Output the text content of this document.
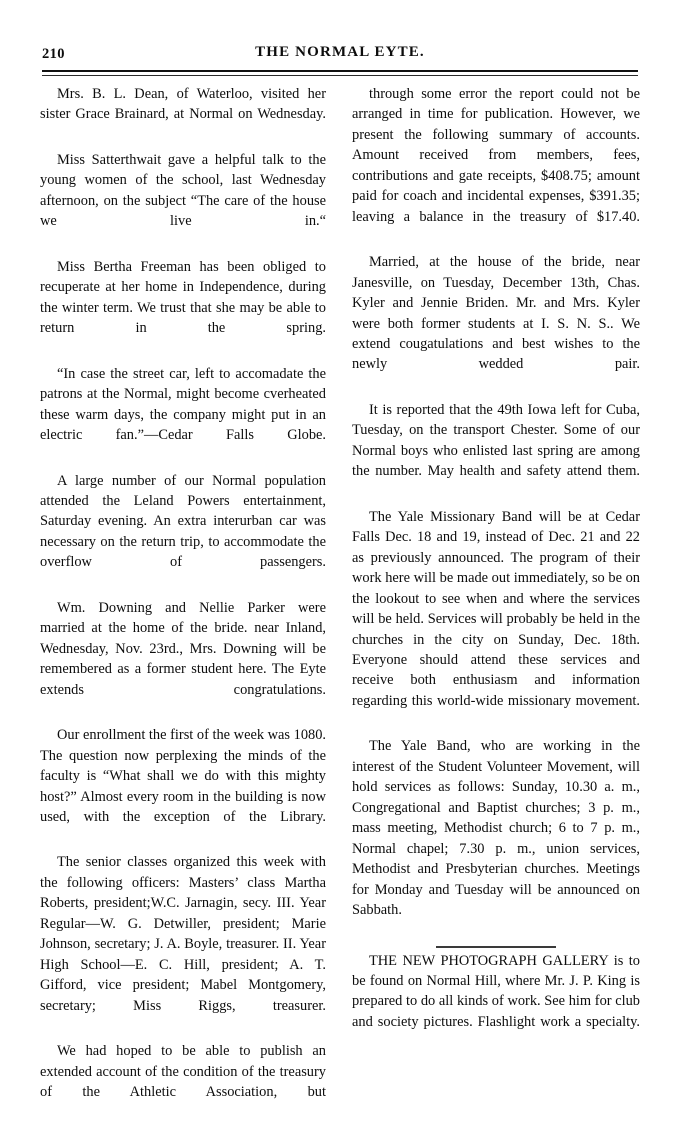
210	THE NORMAL EYTE.

Mrs. B. L. Dean, of Waterloo, visited her sister Grace Brainard, at Normal on Wednesday.

Miss Satterthwait gave a helpful talk to the young women of the school, last Wednesday afternoon, on the subject “The care of the house we live in.“

Miss Bertha Freeman has been obliged to recuperate at her home in Independence, during the winter term. We trust that she may be able to return in the spring.

“In case the street car, left to accomadate the patrons at the Normal, might become cverheated these warm days, the company might put in an electric fan.”—Cedar Falls Globe.

A large number of our Normal population attended the Leland Powers entertainment, Saturday evening. An extra interurban car was necessary on the return trip, to accommodate the overflow of passengers.

Wm. Downing and Nellie Parker were married at the home of the bride. near Inland, Wednesday, Nov. 23rd., Mrs. Downing will be remembered as a former student here. The Eyte extends congratulations.

Our enrollment the first of the week was 1080. The question now perplexing the minds of the faculty is “What shall we do with this mighty host?” Almost every room in the building is now used, with the exception of the Library.

The senior classes organized this week with the following officers: Masters’ class Martha Roberts, president;W.C. Jarnagin, secy. III. Year Regular—W. G. Detwiller, president; Marie Johnson, secretary; J. A. Boyle, treasurer. II. Year High School—E. C. Hill, president; A. T. Gifford, vice president; Mabel Montgomery, secretary; Miss Riggs, treasurer.

We had hoped to be able to publish an extended account of the condition of the treasury of the Athletic Association, but

through some error the report could not be arranged in time for publication. However, we present the following summary of accounts. Amount received from members, fees, contributions and gate receipts, $408.75; amount paid for coach and incidental expenses, $391.35; leaving a balance in the treasury of $17.40.

Married, at the house of the bride, near Janesville, on Tuesday, December 13th, Chas. Kyler and Jennie Briden. Mr. and Mrs. Kyler were both former students at I. S. N. S.. We extend cougatulations and best wishes to the newly wedded pair.

It is reported that the 49th Iowa left for Cuba, Tuesday, on the transport Chester. Some of our Normal boys who enlisted last spring are among the number. May health and safety attend them.

The Yale Missionary Band will be at Cedar Falls Dec. 18 and 19, instead of Dec. 21 and 22 as previously announced. The program of their work here will be made out immediately, so be on the lookout to see when and where the services will be held. Services will probably be held in the churches in the city on Sunday, Dec. 18th. Everyone should attend these services and receive both enthusiasm and information regarding this world-wide missionary movement.

The Yale Band, who are working in the interest of the Student Volunteer Movement, will hold services as follows: Sunday, 10.30 a. m., Congregational and Baptist churches; 3 p. m., mass meeting, Methodist church; 6 to 7 p. m., Normal chapel; 7.30 p. m., union services, Methodist and Presbyterian churches. Meetings for Monday and Tuesday will be announced on Sabbath.

THE NEW PHOTOGRAPH GALLERY is to be found on Normal Hill, where Mr. J. P. King is prepared to do all kinds of work. See him for club and society pictures. Flashlight work a specialty.
